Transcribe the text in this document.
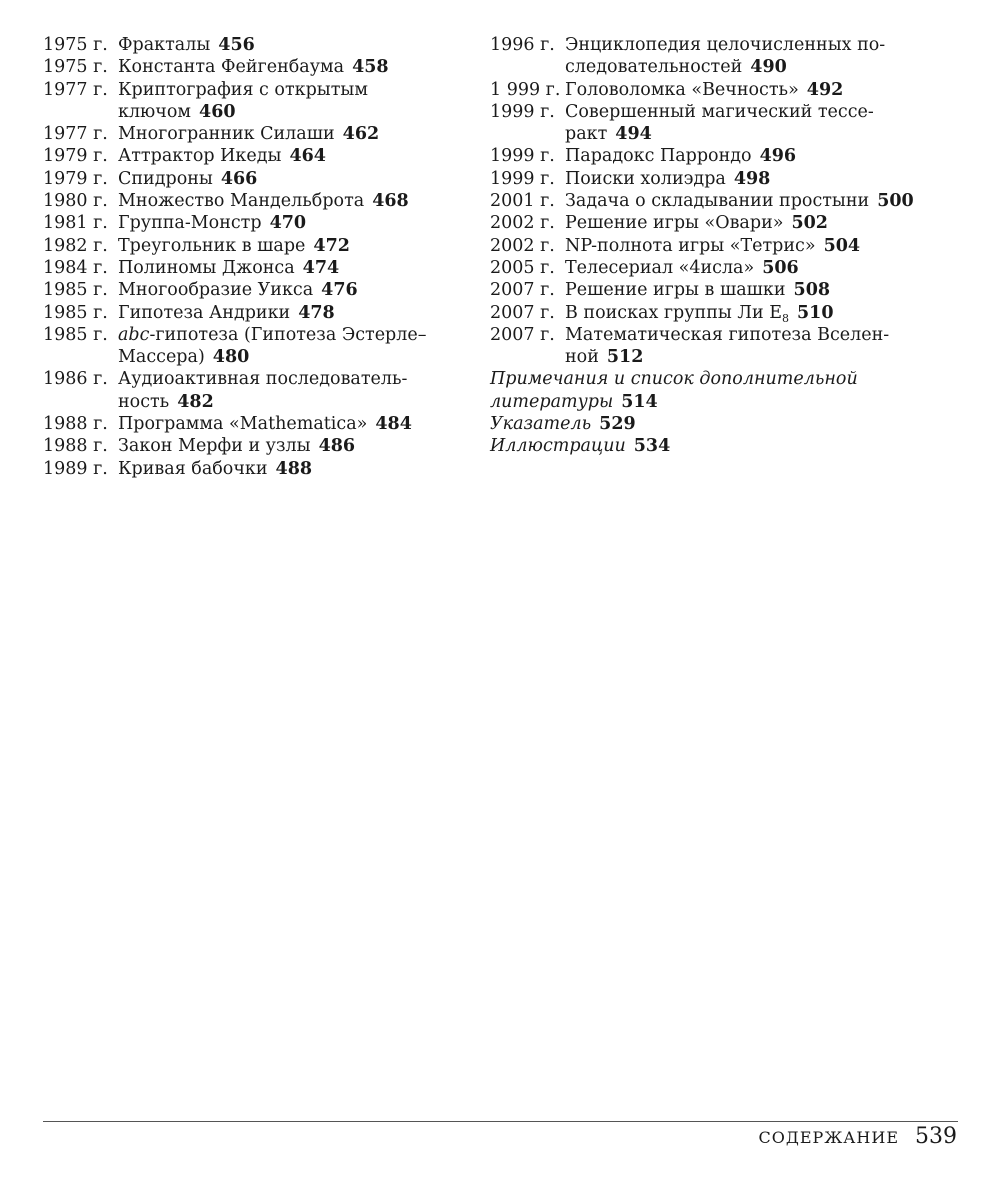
1975 г. Фракталы 456
1975 г. Константа Фейгенбаума 458
1977 г. Криптография с открытым ключом 460
1977 г. Многогранник Силаши 462
1979 г. Аттрактор Икеды 464
1979 г. Спидроны 466
1980 г. Множество Мандельброта 468
1981 г. Группа-Монстр 470
1982 г. Треугольник в шаре 472
1984 г. Полиномы Джонса 474
1985 г. Многообразие Уикса 476
1985 г. Гипотеза Андрики 478
1985 г. abc-гипотеза (Гипотеза Эстерле–Массера) 480
1986 г. Аудиоактивная последователь-ность 482
1988 г. Программа «Mathematica» 484
1988 г. Закон Мерфи и узлы 486
1989 г. Кривая бабочки 488
1996 г. Энциклопедия целочисленных по-следовательностей 490
1 999 г. Головоломка «Вечность» 492
1999 г. Совершенный магический тессе-ракт 494
1999 г. Парадокс Паррондо 496
1999 г. Поиски холиэдра 498
2001 г. Задача о складывании простыни 500
2002 г. Решение игры «Овари» 502
2002 г. NP-полнота игры «Тетрис» 504
2005 г. Телесериал «4исла» 506
2007 г. Решение игры в шашки 508
2007 г. В поисках группы Ли $E_8$ 510
2007 г. Математическая гипотеза Вселен-ной 512
Примечания и список дополнительной литературы 514
Указатель 529
Иллюстрации 534
СОДЕРЖАНИЕ 539
